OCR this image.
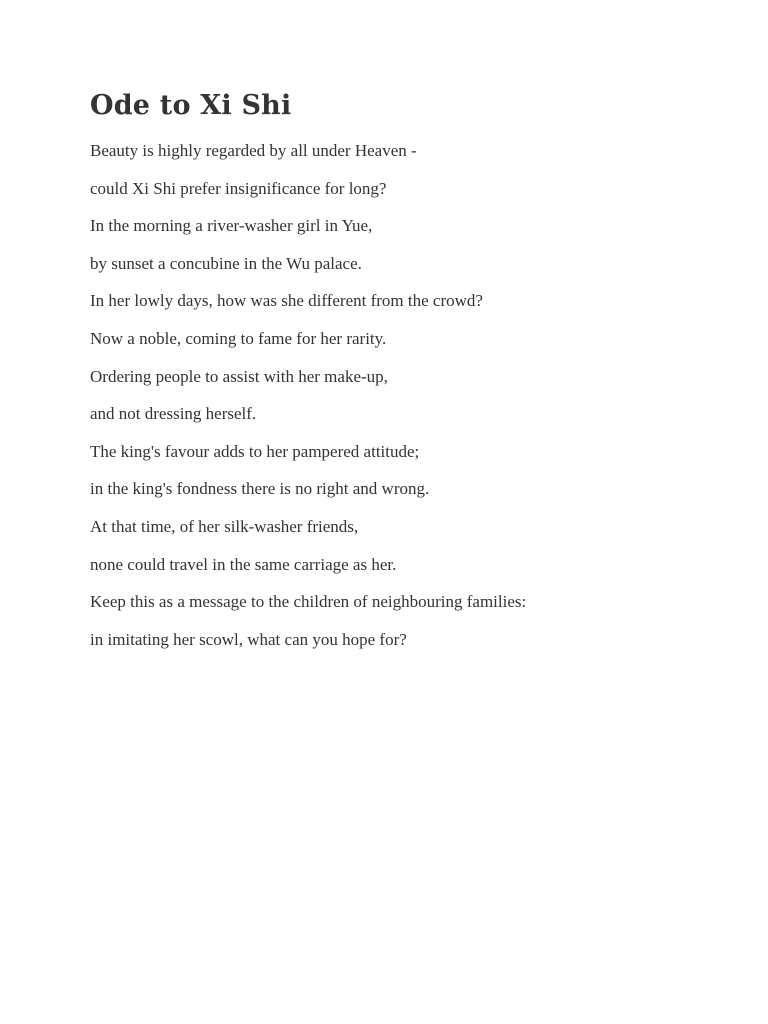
Ode to Xi Shi
Beauty is highly regarded by all under Heaven -
could Xi Shi prefer insignificance for long?
In the morning a river-washer girl in Yue,
by sunset a concubine in the Wu palace.
In her lowly days, how was she different from the crowd?
Now a noble, coming to fame for her rarity.
Ordering people to assist with her make-up,
and not dressing herself.
The king's favour adds to her pampered attitude;
in the king's fondness there is no right and wrong.
At that time, of her silk-washer friends,
none could travel in the same carriage as her.
Keep this as a message to the children of neighbouring families:
in imitating her scowl, what can you hope for?
